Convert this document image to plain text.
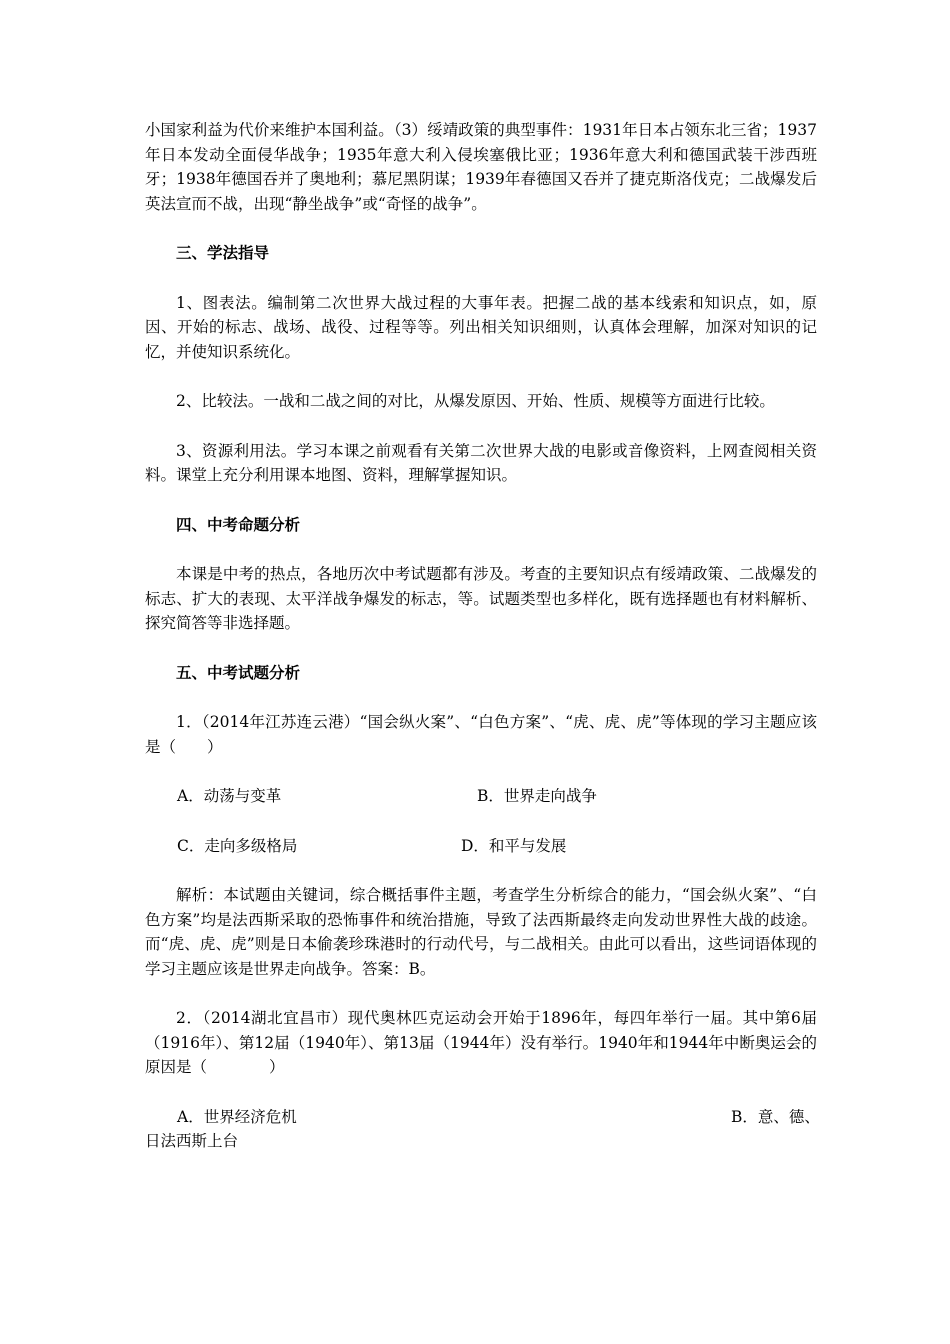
小国家利益为代价来维护本国利益。（3）绥靖政策的典型事件：1931年日本占领东北三省；1937年日本发动全面侵华战争；1935年意大利入侵埃塞俄比亚；1936年意大利和德国武装干涉西班牙；1938年德国吞并了奥地利；慕尼黑阴谋；1939年春德国又吞并了捷克斯洛伐克；二战爆发后英法宣而不战，出现“静坐战争”或“奇怪的战争”。

三、学法指导

1、图表法。编制第二次世界大战过程的大事年表。把握二战的基本线索和知识点，如，原因、开始的标志、战场、战役、过程等等。列出相关知识细则，认真体会理解，加深对知识的记忆，并使知识系统化。

2、比较法。一战和二战之间的对比，从爆发原因、开始、性质、规模等方面进行比较。

3、资源利用法。学习本课之前观看有关第二次世界大战的电影或音像资料，上网查阅相关资料。课堂上充分利用课本地图、资料，理解掌握知识。

四、中考命题分析

本课是中考的热点，各地历次中考试题都有涉及。考查的主要知识点有绥靖政策、二战爆发的标志、扩大的表现、太平洋战争爆发的标志，等。试题类型也多样化，既有选择题也有材料解析、探究简答等非选择题。

五、中考试题分析

1．（2014年江苏连云港）“国会纵火案”、“白色方案”、“虎、虎、虎”等体现的学习主题应该是（　　）

A．动荡与变革	B．世界走向战争
C．走向多级格局	D．和平与发展

解析：本试题由关键词，综合概括事件主题，考查学生分析综合的能力，“国会纵火案”、“白色方案”均是法西斯采取的恐怖事件和统治措施，导致了法西斯最终走向发动世界性大战的歧途。而“虎、虎、虎”则是日本偷袭珍珠港时的行动代号，与二战相关。由此可以看出，这些词语体现的学习主题应该是世界走向战争。答案：B。

2．（2014湖北宜昌市）现代奥林匹克运动会开始于1896年，每四年举行一届。其中第6届（1916年）、第12届（1940年）、第13届（1944年）没有举行。1940年和1944年中断奥运会的原因是（　　　　）

A．世界经济危机	B．意、德、

日法西斯上台
